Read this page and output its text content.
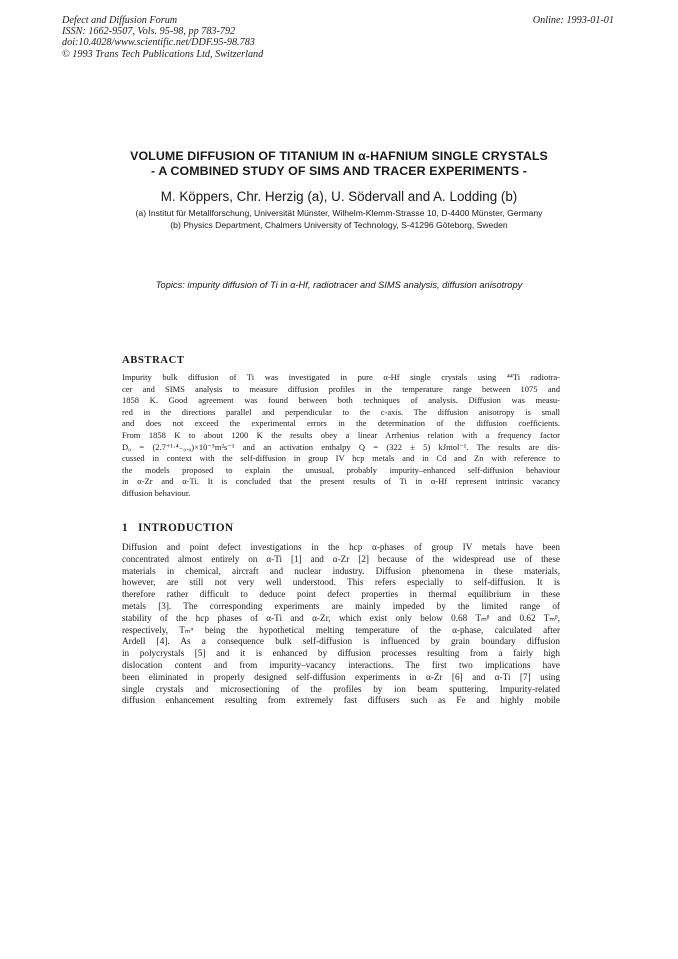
Defect and Diffusion Forum
ISSN: 1662-9507, Vols. 95-98, pp 783-792
doi:10.4028/www.scientific.net/DDF.95-98.783
© 1993 Trans Tech Publications Ltd, Switzerland
Online: 1993-01-01
VOLUME DIFFUSION OF TITANIUM IN α-HAFNIUM SINGLE CRYSTALS
- A COMBINED STUDY OF SIMS AND TRACER EXPERIMENTS -
M. Köppers, Chr. Herzig (a), U. Södervall and A. Lodding (b)
(a) Institut für Metallforschung, Universität Münster, Wilhelm-Klemm-Strasse 10, D-4400 Münster, Germany
(b) Physics Department, Chalmers University of Technology, S-41296 Göteborg, Sweden
Topics: impurity diffusion of Ti in α-Hf, radiotracer and SIMS analysis, diffusion anisotropy
ABSTRACT
Impurity bulk diffusion of Ti was investigated in pure α-Hf single crystals using ⁴⁴Ti radiotra-
cer and SIMS analysis to measure diffusion profiles in the temperature range between 1075 and
1858 K. Good agreement was found between both techniques of analysis. Diffusion was measu-
red in the directions parallel and perpendicular to the c-axis. The diffusion anisotropy is small
and does not exceed the experimental errors in the determination of the diffusion coefficients.
From 1858 K to about 1200 K the results obey a linear Arrhenius relation with a frequency factor
D₀ = (2.7⁺¹·⁴₋₀.₉)×10⁻⁵m²s⁻¹ and an activation enthalpy Q = (322 ± 5) kJmol⁻¹. The results are dis-
cussed in context with the self-diffusion in group IV hcp metals and in Cd and Zn with reference to
the models proposed to explain the unusual, probably impurity–enhanced self-diffusion behaviour
in α-Zr and α-Ti. It is concluded that the present results of Ti in α-Hf represent intrinsic vacancy
diffusion behaviour.
1 INTRODUCTION
Diffusion and point defect investigations in the hcp α-phases of group IV metals have been
concentrated almost entirely on α-Ti [1] and α-Zr [2] because of the widespread use of these
materials in chemical, aircraft and nuclear industry. Diffusion phenomena in these materials,
however, are still not very well understood. This refers especially to self-diffusion. It is
therefore rather difficult to deduce point defect properties in thermal equilibrium in these
metals [3]. The corresponding experiments are mainly impeded by the limited range of
stability of the hcp phases of α-Ti and α-Zr, which exist only below 0.68 Tₘᵝ and 0.62 Tₘᵝ,
respectively, Tₘᵅ being the hypothetical melting temperature of the α-phase, calculated after
Ardell [4]. As a consequence bulk self-diffusion is influenced by grain boundary diffusion
in polycrystals [5] and it is enhanced by diffusion processes resulting from a fairly high
dislocation content and from impurity–vacancy interactions. The first two implications have
been eliminated in properly designed self-diffusion experiments in α-Zr [6] and α-Ti [7] using
single crystals and microsectioning of the profiles by ion beam sputtering. Impurity-related
diffusion enhancement resulting from extremely fast diffusers such as Fe and highly mobile
